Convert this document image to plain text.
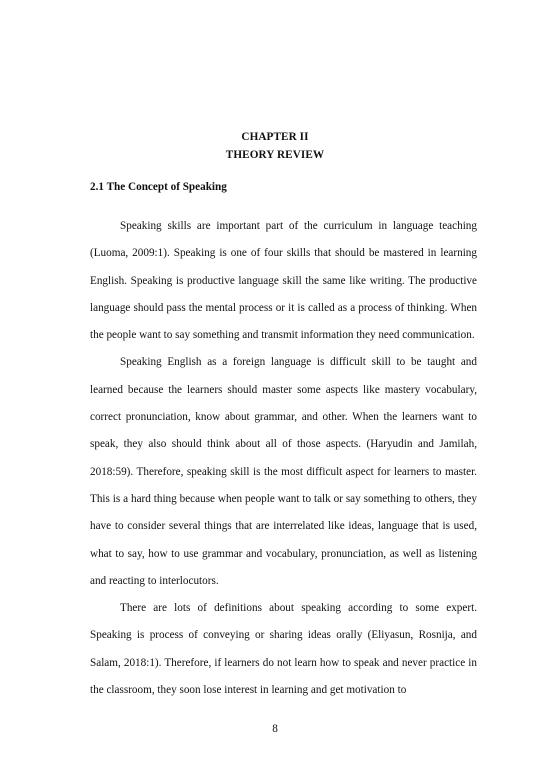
CHAPTER II
THEORY REVIEW
2.1 The Concept of Speaking

Speaking skills are important part of the curriculum in language teaching (Luoma, 2009:1). Speaking is one of four skills that should be mastered in learning English. Speaking is productive language skill the same like writing. The productive language should pass the mental process or it is called as a process of thinking. When the people want to say something and transmit information they need communication.

Speaking English as a foreign language is difficult skill to be taught and learned because the learners should master some aspects like mastery vocabulary, correct pronunciation, know about grammar, and other. When the learners want to speak, they also should think about all of those aspects. (Haryudin and Jamilah, 2018:59). Therefore, speaking skill is the most difficult aspect for learners to master. This is a hard thing because when people want to talk or say something to others, they have to consider several things that are interrelated like ideas, language that is used, what to say, how to use grammar and vocabulary, pronunciation, as well as listening and reacting to interlocutors.

There are lots of definitions about speaking according to some expert. Speaking is process of conveying or sharing ideas orally (Eliyasun, Rosnija, and Salam, 2018:1). Therefore, if learners do not learn how to speak and never practice in the classroom, they soon lose interest in learning and get motivation to

8
